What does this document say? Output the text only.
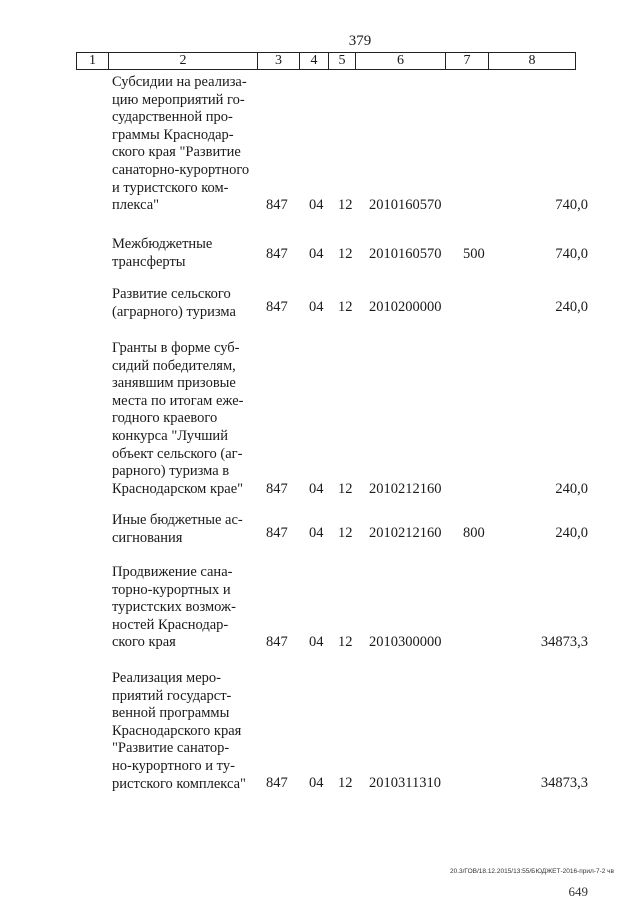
379
1	2	3	4	5	6	7	8
Субсидии на реализа-
цию мероприятий го-
сударственной про-
граммы Краснодар-
ского края "Развитие
санаторно-курортного
и туристского ком-
плекса"	847 04 12 2010160570	740,0
Межбюджетные
трансферты	847 04 12 2010160570 500	740,0
Развитие сельского
(аграрного) туризма	847 04 12 2010200000	240,0
Гранты в форме суб-
сидий победителям,
занявшим призовые
места по итогам еже-
годного краевого
конкурса "Лучший
объект сельского (аг-
рарного) туризма в
Краснодарском крае"	847 04 12 2010212160	240,0
Иные бюджетные ас-
сигнования	847 04 12 2010212160 800	240,0
Продвижение сана-
торно-курортных и
туристских возмож-
ностей Краснодар-
ского края	847 04 12 2010300000	34873,3
Реализация меро-
приятий государст-
венной программы
Краснодарского края
"Развитие санатор-
но-курортного и ту-
ристского комплекса"	847 04 12 2010311310	34873,3
20.3/ГОВ/18.12.2015/13:55/БЮДЖЕТ-2016-прил-7-2 чв
649
